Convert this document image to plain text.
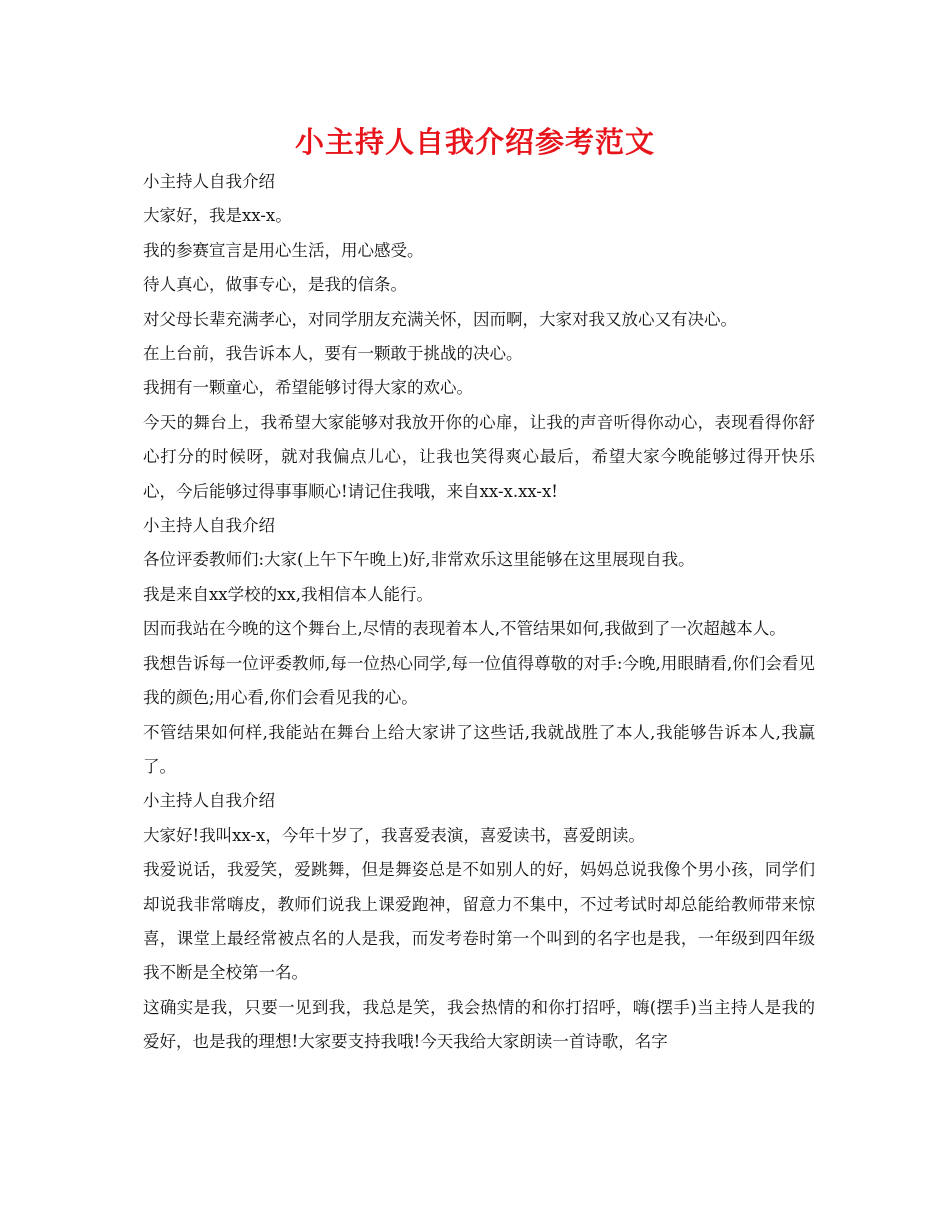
小主持人自我介绍参考范文

小主持人自我介绍

大家好，我是xx-x。

我的参赛宣言是用心生活，用心感受。

待人真心，做事专心，是我的信条。

对父母长辈充满孝心，对同学朋友充满关怀，因而啊，大家对我又放心又有决心。

在上台前，我告诉本人，要有一颗敢于挑战的决心。

我拥有一颗童心，希望能够讨得大家的欢心。

今天的舞台上，我希望大家能够对我放开你的心扉，让我的声音听得你动心，表现看得你舒心打分的时候呀，就对我偏点儿心，让我也笑得爽心最后，希望大家今晚能够过得开快乐心，今后能够过得事事顺心!请记住我哦，来自xx-x.xx-x!

小主持人自我介绍

各位评委教师们:大家(上午下午晚上)好,非常欢乐这里能够在这里展现自我。

我是来自xx学校的xx,我相信本人能行。

因而我站在今晚的这个舞台上,尽情的表现着本人,不管结果如何,我做到了一次超越本人。

我想告诉每一位评委教师,每一位热心同学,每一位值得尊敬的对手:今晚,用眼睛看,你们会看见我的颜色;用心看,你们会看见我的心。

不管结果如何样,我能站在舞台上给大家讲了这些话,我就战胜了本人,我能够告诉本人,我赢了。

小主持人自我介绍

大家好!我叫xx-x，今年十岁了，我喜爱表演，喜爱读书，喜爱朗读。

我爱说话，我爱笑，爱跳舞，但是舞姿总是不如别人的好，妈妈总说我像个男小孩，同学们却说我非常嗨皮，教师们说我上课爱跑神，留意力不集中，不过考试时却总能给教师带来惊喜，课堂上最经常被点名的人是我，而发考卷时第一个叫到的名字也是我，一年级到四年级我不断是全校第一名。

这确实是我，只要一见到我，我总是笑，我会热情的和你打招呼，嗨(摆手)当主持人是我的爱好，也是我的理想!大家要支持我哦!今天我给大家朗读一首诗歌，名字
